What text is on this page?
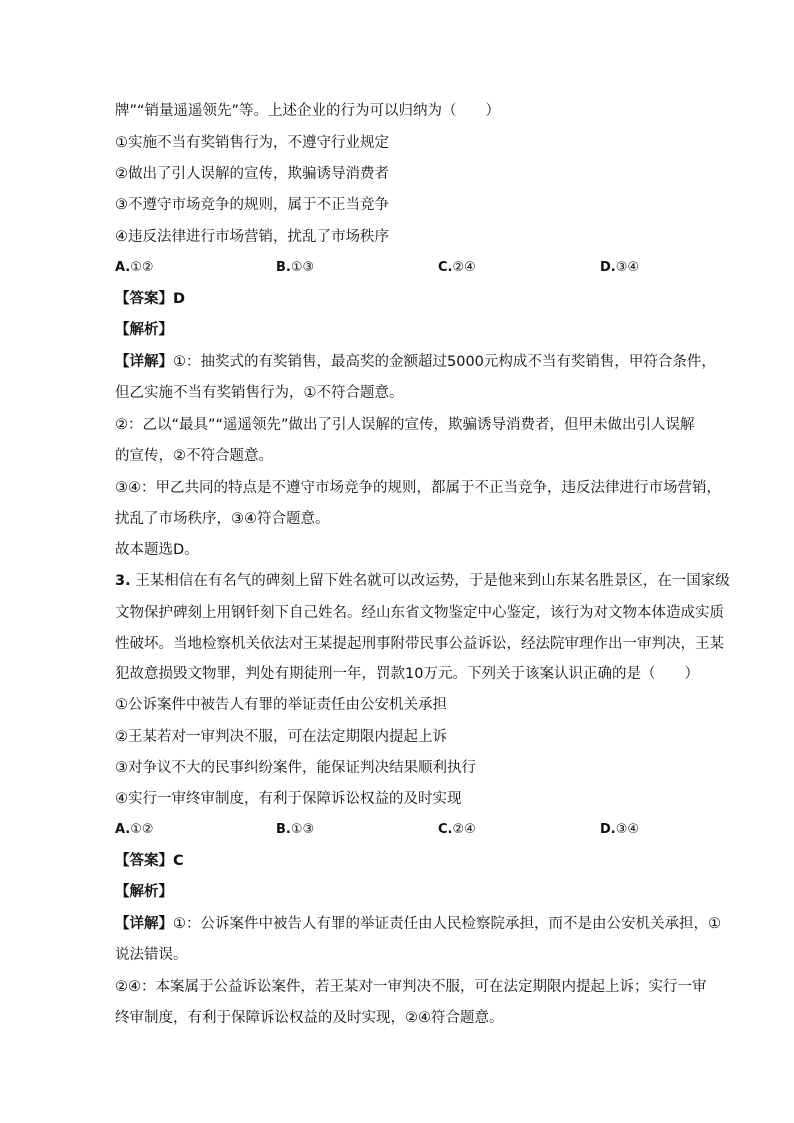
牌”“销量遥遥领先”等。上述企业的行为可以归纳为（　　）
①实施不当有奖销售行为，不遵守行业规定
②做出了引人误解的宣传，欺骗诱导消费者
③不遵守市场竞争的规则，属于不正当竞争
④违反法律进行市场营销，扰乱了市场秩序
A.①②	B.①③	C.②④	D.③④
【答案】D
【解析】
【详解】①：抽奖式的有奖销售，最高奖的金额超过5000元构成不当有奖销售，甲符合条件，
但乙实施不当有奖销售行为，①不符合题意。
②：乙以“最具”“遥遥领先”做出了引人误解的宣传，欺骗诱导消费者，但甲未做出引人误解
的宣传，②不符合题意。
③④：甲乙共同的特点是不遵守市场竞争的规则，都属于不正当竞争，违反法律进行市场营销，
扰乱了市场秩序，③④符合题意。
故本题选D。
3. 王某相信在有名气的碑刻上留下姓名就可以改运势，于是他来到山东某名胜景区，在一国家级
文物保护碑刻上用钢钎刻下自己姓名。经山东省文物鉴定中心鉴定，该行为对文物本体造成实质
性破坏。当地检察机关依法对王某提起刑事附带民事公益诉讼，经法院审理作出一审判决，王某
犯故意损毁文物罪，判处有期徒刑一年，罚款10万元。下列关于该案认识正确的是（　　）
①公诉案件中被告人有罪的举证责任由公安机关承担
②王某若对一审判决不服，可在法定期限内提起上诉
③对争议不大的民事纠纷案件，能保证判决结果顺利执行
④实行一审终审制度，有利于保障诉讼权益的及时实现
A.①②	B.①③	C.②④	D.③④
【答案】C
【解析】
【详解】①：公诉案件中被告人有罪的举证责任由人民检察院承担，而不是由公安机关承担，①
说法错误。
②④：本案属于公益诉讼案件，若王某对一审判决不服，可在法定期限内提起上诉；实行一审
终审制度，有利于保障诉讼权益的及时实现，②④符合题意。
